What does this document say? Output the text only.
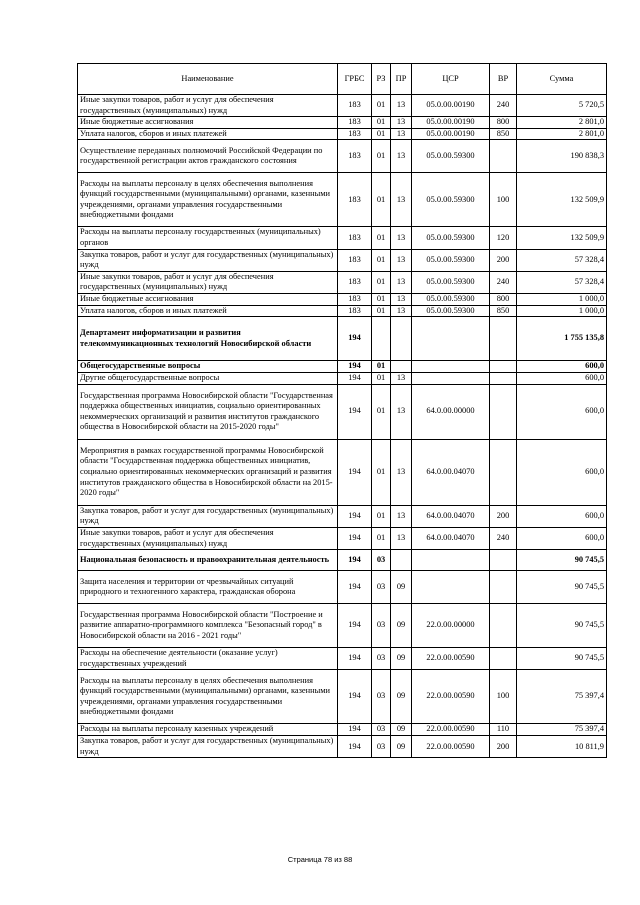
Наименование	ГРБС	РЗ	ПР	ЦСР	ВР	Сумма
Иные закупки товаров, работ и услуг для обеспечения государственных (муниципальных) нужд	183	01	13	05.0.00.00190	240	5 720,5
Иные бюджетные ассигнования	183	01	13	05.0.00.00190	800	2 801,0
Уплата налогов, сборов и иных платежей	183	01	13	05.0.00.00190	850	2 801,0
Осуществление переданных полномочий Российской Федерации по государственной регистрации актов гражданского состояния	183	01	13	05.0.00.59300		190 838,3
Расходы на выплаты персоналу в целях обеспечения выполнения функций государственными (муниципальными) органами, казенными учреждениями, органами управления государственными внебюджетными фондами	183	01	13	05.0.00.59300	100	132 509,9
Расходы на выплаты персоналу государственных (муниципальных) органов	183	01	13	05.0.00.59300	120	132 509,9
Закупка товаров, работ и услуг для государственных (муниципальных) нужд	183	01	13	05.0.00.59300	200	57 328,4
Иные закупки товаров, работ и услуг для обеспечения государственных (муниципальных) нужд	183	01	13	05.0.00.59300	240	57 328,4
Иные бюджетные ассигнования	183	01	13	05.0.00.59300	800	1 000,0
Уплата налогов, сборов и иных платежей	183	01	13	05.0.00.59300	850	1 000,0
Департамент информатизации и развития телекоммуникационных технологий Новосибирской области	194					1 755 135,8
Общегосударственные вопросы	194	01				600,0
Другие общегосударственные вопросы	194	01	13			600,0
Государственная программа Новосибирской области "Государственная поддержка общественных инициатив, социально ориентированных некоммерческих организаций и развития институтов гражданского общества в Новосибирской области на 2015-2020 годы"	194	01	13	64.0.00.00000		600,0
Мероприятия в рамках государственной программы Новосибирской области "Государственная поддержка общественных инициатив, социально ориентированных некоммерческих организаций и развития институтов гражданского общества в Новосибирской области на 2015-2020 годы"	194	01	13	64.0.00.04070		600,0
Закупка товаров, работ и услуг для государственных (муниципальных) нужд	194	01	13	64.0.00.04070	200	600,0
Иные закупки товаров, работ и услуг для обеспечения государственных (муниципальных) нужд	194	01	13	64.0.00.04070	240	600,0
Национальная безопасность и правоохранительная деятельность	194	03				90 745,5
Защита населения и территории от чрезвычайных ситуаций природного и техногенного характера, гражданская оборона	194	03	09			90 745,5
Государственная программа Новосибирской области "Построение и развитие аппаратно-программного комплекса "Безопасный город" в Новосибирской области на 2016 - 2021 годы"	194	03	09	22.0.00.00000		90 745,5
Расходы на обеспечение деятельности (оказание услуг) государственных учреждений	194	03	09	22.0.00.00590		90 745,5
Расходы на выплаты персоналу в целях обеспечения выполнения функций государственными (муниципальными) органами, казенными учреждениями, органами управления государственными внебюджетными фондами	194	03	09	22.0.00.00590	100	75 397,4
Расходы на выплаты персоналу казенных учреждений	194	03	09	22.0.00.00590	110	75 397,4
Закупка товаров, работ и услуг для государственных (муниципальных) нужд	194	03	09	22.0.00.00590	200	10 811,9
Страница 78 из 88
